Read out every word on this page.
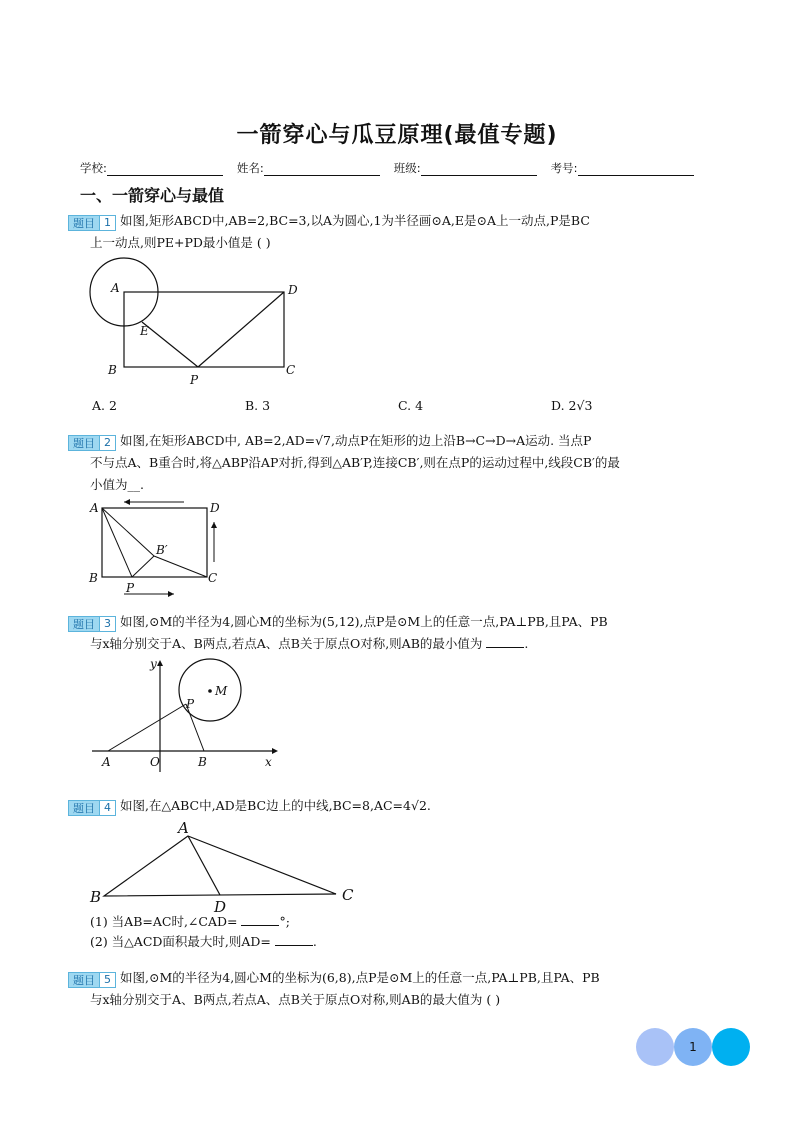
一箭穿心与瓜豆原理(最值专题)
学校:	姓名:	班级:	考号:
一、一箭穿心与最值
题目 1 如图,矩形ABCD中,AB=2,BC=3,以A为圆心,1为半径画⊙A,E是⊙A上一动点,P是BC
上一动点,则PE+PD最小值是 ( )
A	D
E
B
P
C
A. 2	B. 3	C. 4	D. 2√3
题目 2 如图,在矩形ABCD中, AB=2,AD=√7,动点P在矩形的边上沿B→C→D→A运动. 当点P
不与点A、B重合时,将△ABP沿AP对折,得到△AB′P,连接CB′,则在点P的运动过程中,线段CB′的最
小值为__.
A	D
B′
B	C
P
题目 3 如图,⊙M的半径为4,圆心M的坐标为(5,12),点P是⊙M上的任意一点,PA⊥PB,且PA、PB
与x轴分别交于A、B两点,若点A、点B关于原点O对称,则AB的最小值为	.
y
M
P
A	O	B	x
题目 4 如图,在△ABC中,AD是BC边上的中线,BC=8,AC=4√2.
A
B	C
D
(1) 当AB=AC时,∠CAD=	°;
(2) 当△ACD面积最大时,则AD=	.
题目 5 如图,⊙M的半径为4,圆心M的坐标为(6,8),点P是⊙M上的任意一点,PA⊥PB,且PA、PB
与x轴分别交于A、B两点,若点A、点B关于原点O对称,则AB的最大值为 ( )
1
